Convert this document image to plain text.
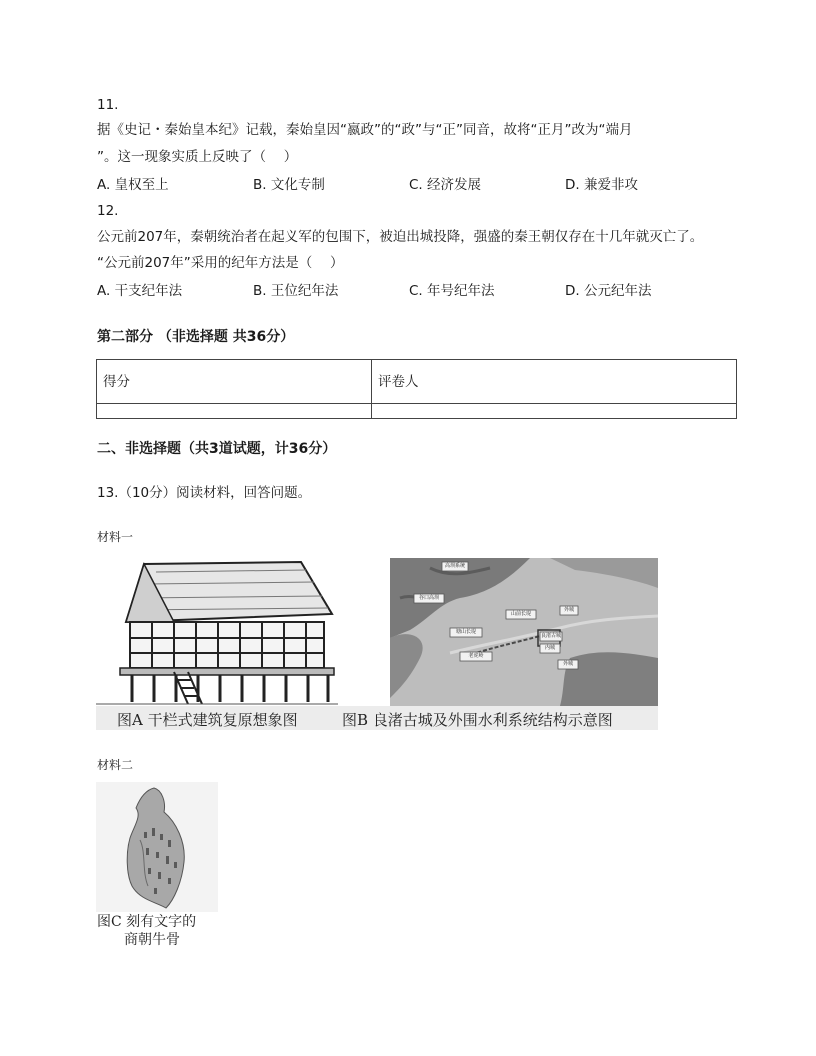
11.
据《史记・秦始皇本纪》记载，秦始皇因“嬴政”的“政”与“正”同音，故将“正月”改为“端月
”。这一现象实质上反映了（　 ）
A. 皇权至上	B. 文化专制	C. 经济发展	D. 兼爱非攻
12.
公元前207年，秦朝统治者在起义军的包围下，被迫出城投降，强盛的秦王朝仅存在十几年就灭亡了。
“公元前207年”采用的纪年方法是（　 ）
A. 干支纪年法	B. 王位纪年法	C. 年号纪年法	D. 公元纪年法
第二部分 （非选择题 共36分）
得分	评卷人

二、非选择题（共3道试题，计36分）
13.（10分）阅读材料，回答问题。
材料一
高坝系统
谷口高坝
山前长堤
塘山长堤
老虎岭
良渚古城
外城
内城
外城
图A 干栏式建筑复原想象图	图B 良渚古城及外围水利系统结构示意图
材料二
图C 刻有文字的
商朝牛骨
